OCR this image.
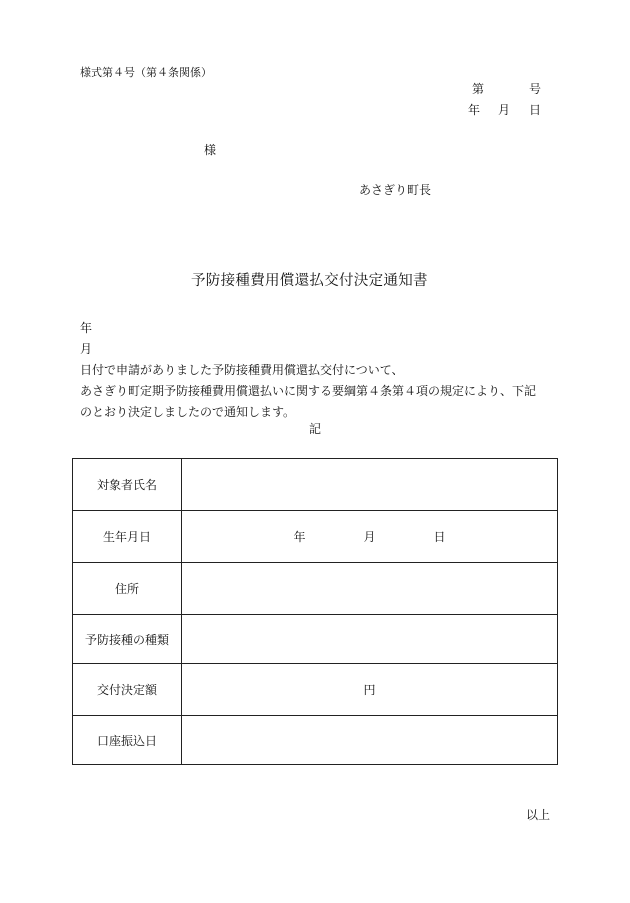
様式第４号（第４条関係）
第	号
年 月 日
様
あさぎり町長
予防接種費用償還払交付決定通知書
年
月
日付で申請がありました予防接種費用償還払交付について、
あさぎり町定期予防接種費用償還払いに関する要綱第４条第４項の規定により、下記
のとおり決定しましたので通知します。
記
対象者氏名	
生年月日	年 月 日

住所	
予防接種の種類	
交付決定額	円
口座振込日	
以上
